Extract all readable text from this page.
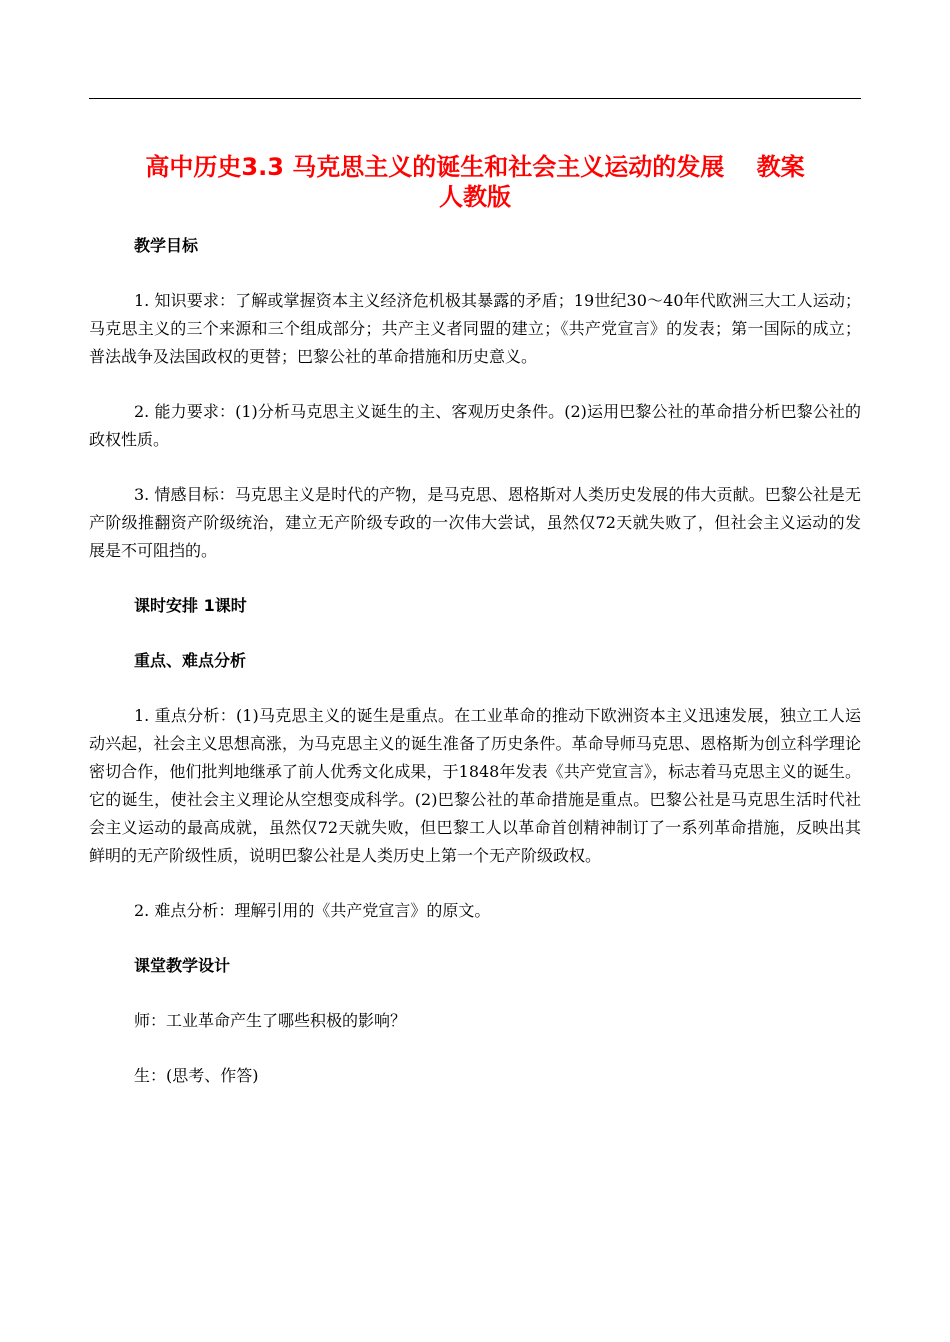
高中历史3.3 马克思主义的诞生和社会主义运动的发展　 教案
人教版

教学目标

1. 知识要求：了解或掌握资本主义经济危机极其暴露的矛盾；19世纪30～40年代欧洲三大工人运动；马克思主义的三个来源和三个组成部分；共产主义者同盟的建立；《共产党宣言》的发表；第一国际的成立；普法战争及法国政权的更替；巴黎公社的革命措施和历史意义。

2. 能力要求：(1)分析马克思主义诞生的主、客观历史条件。(2)运用巴黎公社的革命措分析巴黎公社的政权性质。

3. 情感目标：马克思主义是时代的产物，是马克思、恩格斯对人类历史发展的伟大贡献。巴黎公社是无产阶级推翻资产阶级统治，建立无产阶级专政的一次伟大尝试，虽然仅72天就失败了，但社会主义运动的发展是不可阻挡的。

课时安排 1课时

重点、难点分析

1. 重点分析：(1)马克思主义的诞生是重点。在工业革命的推动下欧洲资本主义迅速发展，独立工人运动兴起，社会主义思想高涨，为马克思主义的诞生准备了历史条件。革命导师马克思、恩格斯为创立科学理论密切合作，他们批判地继承了前人优秀文化成果，于1848年发表《共产党宣言》，标志着马克思主义的诞生。它的诞生，使社会主义理论从空想变成科学。(2)巴黎公社的革命措施是重点。巴黎公社是马克思生活时代社会主义运动的最高成就，虽然仅72天就失败，但巴黎工人以革命首创精神制订了一系列革命措施，反映出其鲜明的无产阶级性质，说明巴黎公社是人类历史上第一个无产阶级政权。

2. 难点分析：理解引用的《共产党宣言》的原文。

课堂教学设计

师：工业革命产生了哪些积极的影响？

生：(思考、作答)
